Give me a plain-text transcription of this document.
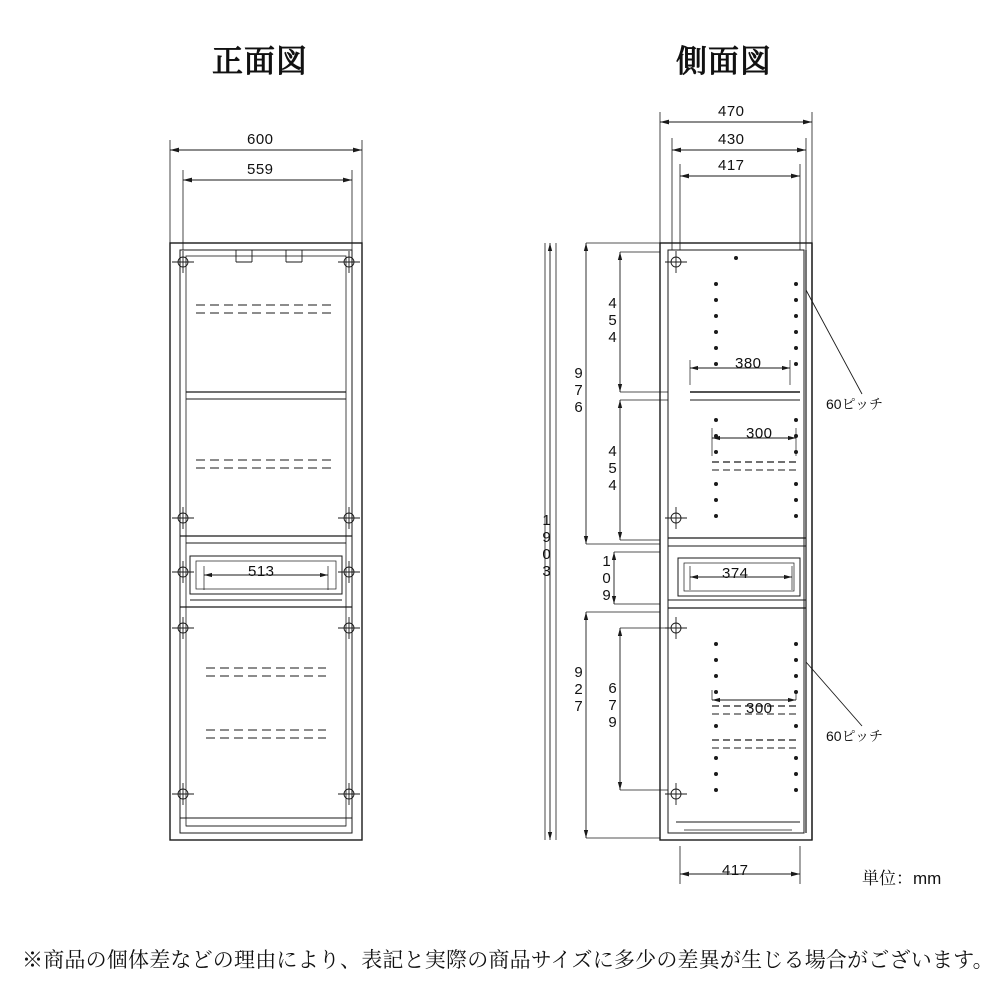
正面図	側面図
600
559
513
470
430
417
454
380
976
454
300
1903	109	374
927 679	300
417
60ピッチ
60ピッチ
単位：mm
※商品の個体差などの理由により、表記と実際の商品サイズに多少の差異が生じる場合がございます。
